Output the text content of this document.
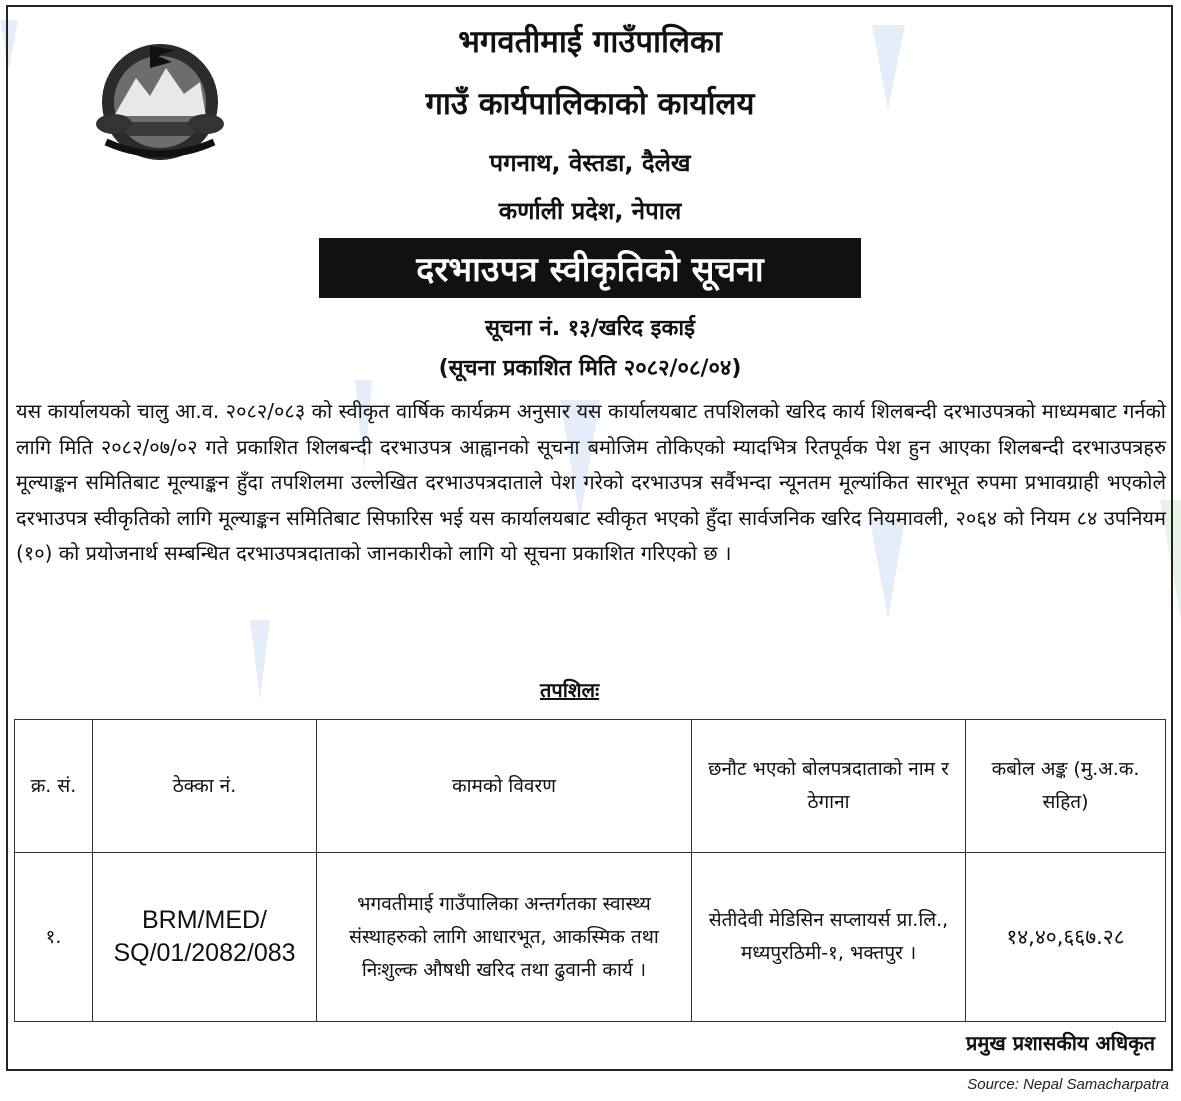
भगवतीमाई गाउँपालिका
गाउँ कार्यपालिकाको कार्यालय
पगनाथ, वेस्तडा, दैलेख
कर्णाली प्रदेश, नेपाल
दरभाउपत्र स्वीकृतिको सूचना
सूचना नं. १३/खरिद इकाई
(सूचना प्रकाशित मिति २०८२/०८/०४)
यस कार्यालयको चालु आ.व. २०८२/०८३ को स्वीकृत वार्षिक कार्यक्रम अनुसार यस कार्यालयबाट तपशिलको खरिद कार्य शिलबन्दी दरभाउपत्रको माध्यमबाट गर्नको लागि मिति २०८२/०७/०२ गते प्रकाशित शिलबन्दी दरभाउपत्र आह्वानको सूचना बमोजिम तोकिएको म्यादभित्र रितपूर्वक पेश हुन आएका शिलबन्दी दरभाउपत्रहरु मूल्याङ्कन समितिबाट मूल्याङ्कन हुँदा तपशिलमा उल्लेखित दरभाउपत्रदाताले पेश गरेको दरभाउपत्र सर्वैभन्दा न्यूनतम मूल्यांकित सारभूत रुपमा प्रभावग्राही भएकोले दरभाउपत्र स्वीकृतिको लागि मूल्याङ्कन समितिबाट सिफारिस भई यस कार्यालयबाट स्वीकृत भएको हुँदा सार्वजनिक खरिद नियमावली, २०६४ को नियम ८४ उपनियम (१०) को प्रयोजनार्थ सम्बन्धित दरभाउपत्रदाताको जानकारीको लागि यो सूचना प्रकाशित गरिएको छ ।
तपशिलः
क्र. सं.	ठेक्का नं.	कामको विवरण	छनौट भएको बोलपत्रदाताको नाम र ठेगाना	कबोल अङ्क (मु.अ.क. सहित)
१.	BRM/MED/ SQ/01/2082/083	भगवतीमाई गाउँपालिका अन्तर्गतका स्वास्थ्य संस्थाहरुको लागि आधारभूत, आकस्मिक तथा निःशुल्क औषधी खरिद तथा ढुवानी कार्य ।	सेतीदेवी मेडिसिन सप्लायर्स प्रा.लि., मध्यपुरठिमी-१, भक्तपुर ।	१४,४०,६६७.२८
प्रमुख प्रशासकीय अधिकृत
Source: Nepal Samacharpatra
